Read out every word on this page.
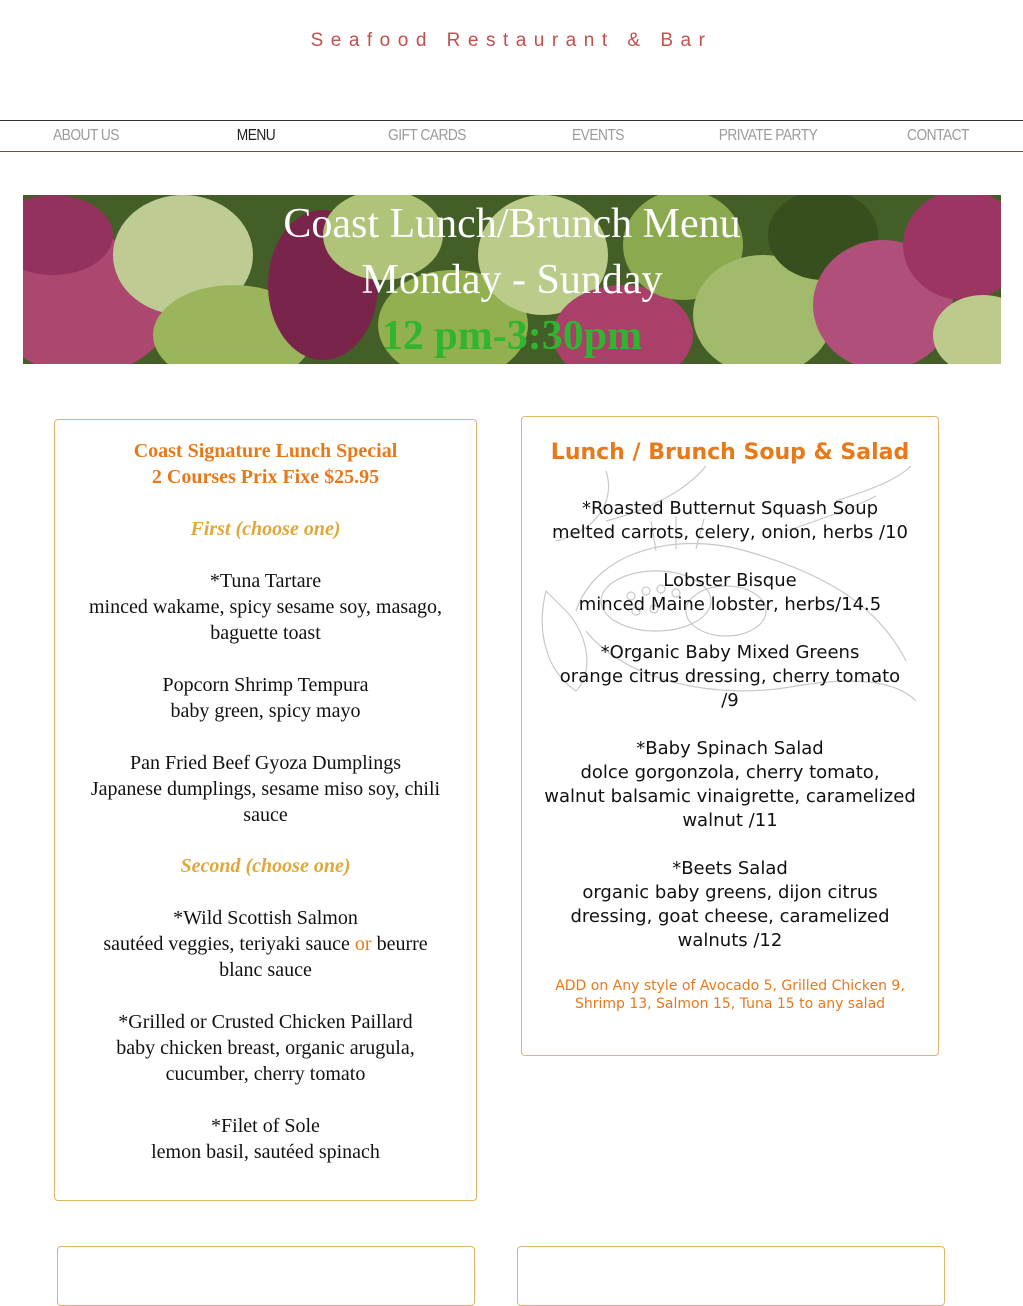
Seafood Restaurant & Bar
ABOUT US	MENU	GIFT CARDS	EVENTS	PRIVATE PARTY	CONTACT
Coast Lunch/Brunch Menu
Monday - Sunday
12 pm-3:30pm
Coast Signature Lunch Special
2 Courses Prix Fixe $25.95
First (choose one)
*Tuna Tartare
minced wakame, spicy sesame soy, masago,
baguette toast
Popcorn Shrimp Tempura
baby green, spicy mayo
Pan Fried Beef Gyoza Dumplings
Japanese dumplings, sesame miso soy, chili
sauce
Second (choose one)
*Wild Scottish Salmon
sautéed veggies, teriyaki sauce or beurre
blanc sauce
*Grilled or Crusted Chicken Paillard
baby chicken breast, organic arugula,
cucumber, cherry tomato
*Filet of Sole
lemon basil, sautéed spinach
Lunch / Brunch Soup & Salad
*Roasted Butternut Squash Soup
melted carrots, celery, onion, herbs /10
Lobster Bisque
minced Maine lobster, herbs/14.5
*Organic Baby Mixed Greens
orange citrus dressing, cherry tomato
/9
*Baby Spinach Salad
dolce gorgonzola, cherry tomato,
walnut balsamic vinaigrette, caramelized
walnut /11
*Beets Salad
organic baby greens, dijon citrus
dressing, goat cheese, caramelized
walnuts /12
ADD on Any style of Avocado 5, Grilled Chicken 9,
Shrimp 13, Salmon 15, Tuna 15 to any salad
